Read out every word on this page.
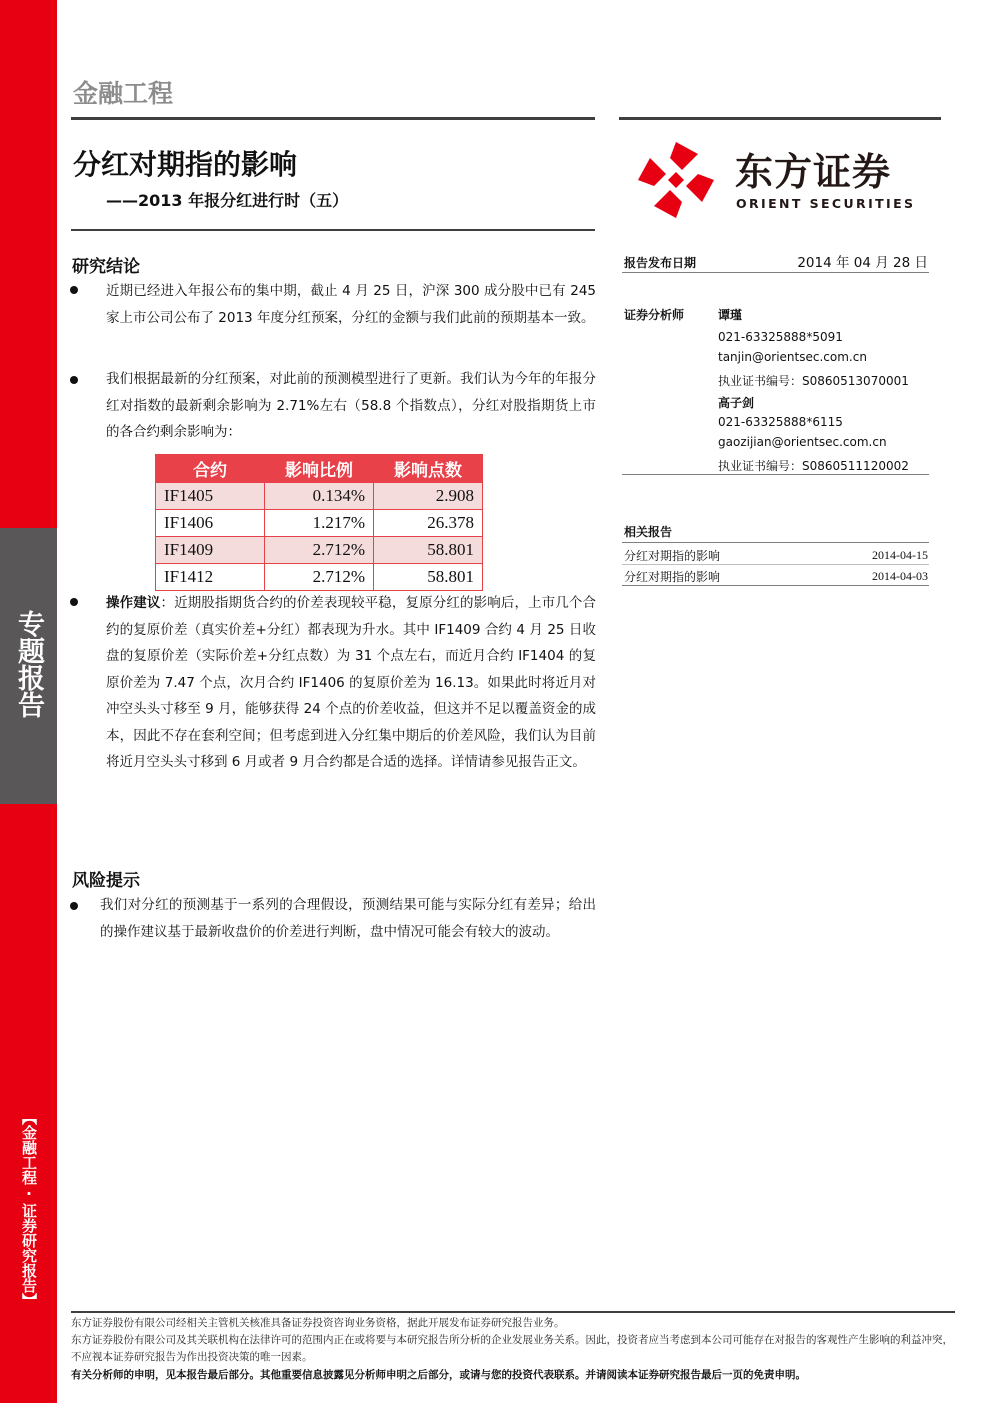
专题报告
【金融工程·证券研究报告】
金融工程
分红对期指的影响
——2013 年报分红进行时（五）
东方证券
ORIENT SECURITIES
研究结论
近期已经进入年报公布的集中期，截止 4 月 25 日，沪深 300 成分股中已有 245 家上市公司公布了 2013 年度分红预案，分红的金额与我们此前的预期基本一致。
我们根据最新的分红预案，对此前的预测模型进行了更新。我们认为今年的年报分红对指数的最新剩余影响为 2.71%左右（58.8 个指数点），分红对股指期货上市的各合约剩余影响为：
合约	影响比例	影响点数
IF1405	0.134%	2.908
IF1406	1.217%	26.378
IF1409	2.712%	58.801
IF1412	2.712%	58.801
操作建议：近期股指期货合约的价差表现较平稳，复原分红的影响后，上市几个合约的复原价差（真实价差+分红）都表现为升水。其中 IF1409 合约 4 月 25 日收盘的复原价差（实际价差+分红点数）为 31 个点左右，而近月合约 IF1404 的复原价差为 7.47 个点，次月合约 IF1406 的复原价差为 16.13。如果此时将近月对冲空头头寸移至 9 月，能够获得 24 个点的价差收益，但这并不足以覆盖资金的成本，因此不存在套利空间；但考虑到进入分红集中期后的价差风险，我们认为目前将近月空头头寸移到 6 月或者 9 月合约都是合适的选择。详情请参见报告正文。
风险提示
我们对分红的预测基于一系列的合理假设，预测结果可能与实际分红有差异；给出的操作建议基于最新收盘价的价差进行判断，盘中情况可能会有较大的波动。
报告发布日期	2014 年 04 月 28 日
证券分析师	谭瑾
021-63325888*5091
tanjin@orientsec.com.cn
执业证书编号：S0860513070001
高子剑
021-63325888*6115
gaozijian@orientsec.com.cn
执业证书编号：S0860511120002
相关报告
分红对期指的影响	2014-04-15
分红对期指的影响	2014-04-03
东方证券股份有限公司经相关主管机关核准具备证券投资咨询业务资格，据此开展发布证券研究报告业务。
东方证券股份有限公司及其关联机构在法律许可的范围内正在或将要与本研究报告所分析的企业发展业务关系。因此，投资者应当考虑到本公司可能存在对报告的客观性产生影响的利益冲突，不应视本证券研究报告为作出投资决策的唯一因素。
有关分析师的申明，见本报告最后部分。其他重要信息披露见分析师申明之后部分，或请与您的投资代表联系。并请阅读本证券研究报告最后一页的免责申明。
